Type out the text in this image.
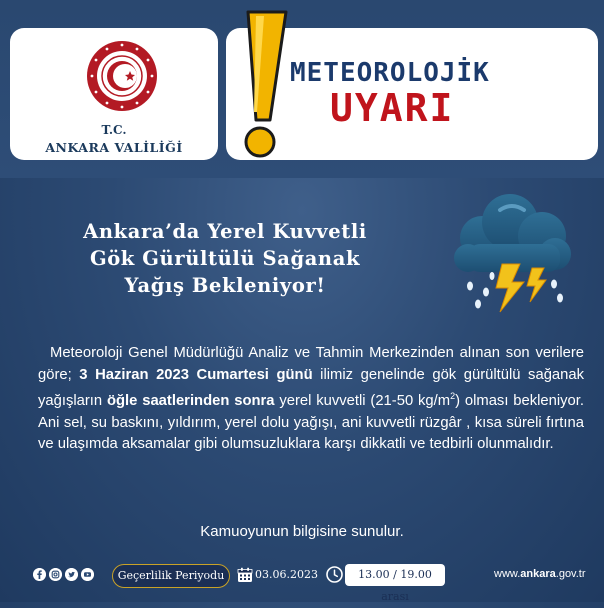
T.C.
ANKARA VALİLİĞİ
METEOROLOJİK
UYARI
Ankara’da Yerel Kuvvetli
Gök Gürültülü Sağanak
Yağış Bekleniyor!

Meteoroloji Genel Müdürlüğü Analiz ve Tahmin Merkezinden alınan son verilere göre; 3 Haziran 2023 Cumartesi günü ilimiz genelinde gök gürültülü sağanak yağışların öğle saatlerinden sonra yerel kuvvetli (21-50 $kg/m^2$) olması bekleniyor. Ani sel, su baskını, yıldırım, yerel dolu yağışı, ani kuvvetli rüzgâr , kısa süreli fırtına ve ulaşımda aksamalar gibi olumsuzluklara karşı dikkatli ve tedbirli olunmalıdır.

Kamuoyunun bilgisine sunulur.
Geçerlilik Periyodu	03.06.2023	13.00 / 19.00 arası
www.ankara.gov.tr
